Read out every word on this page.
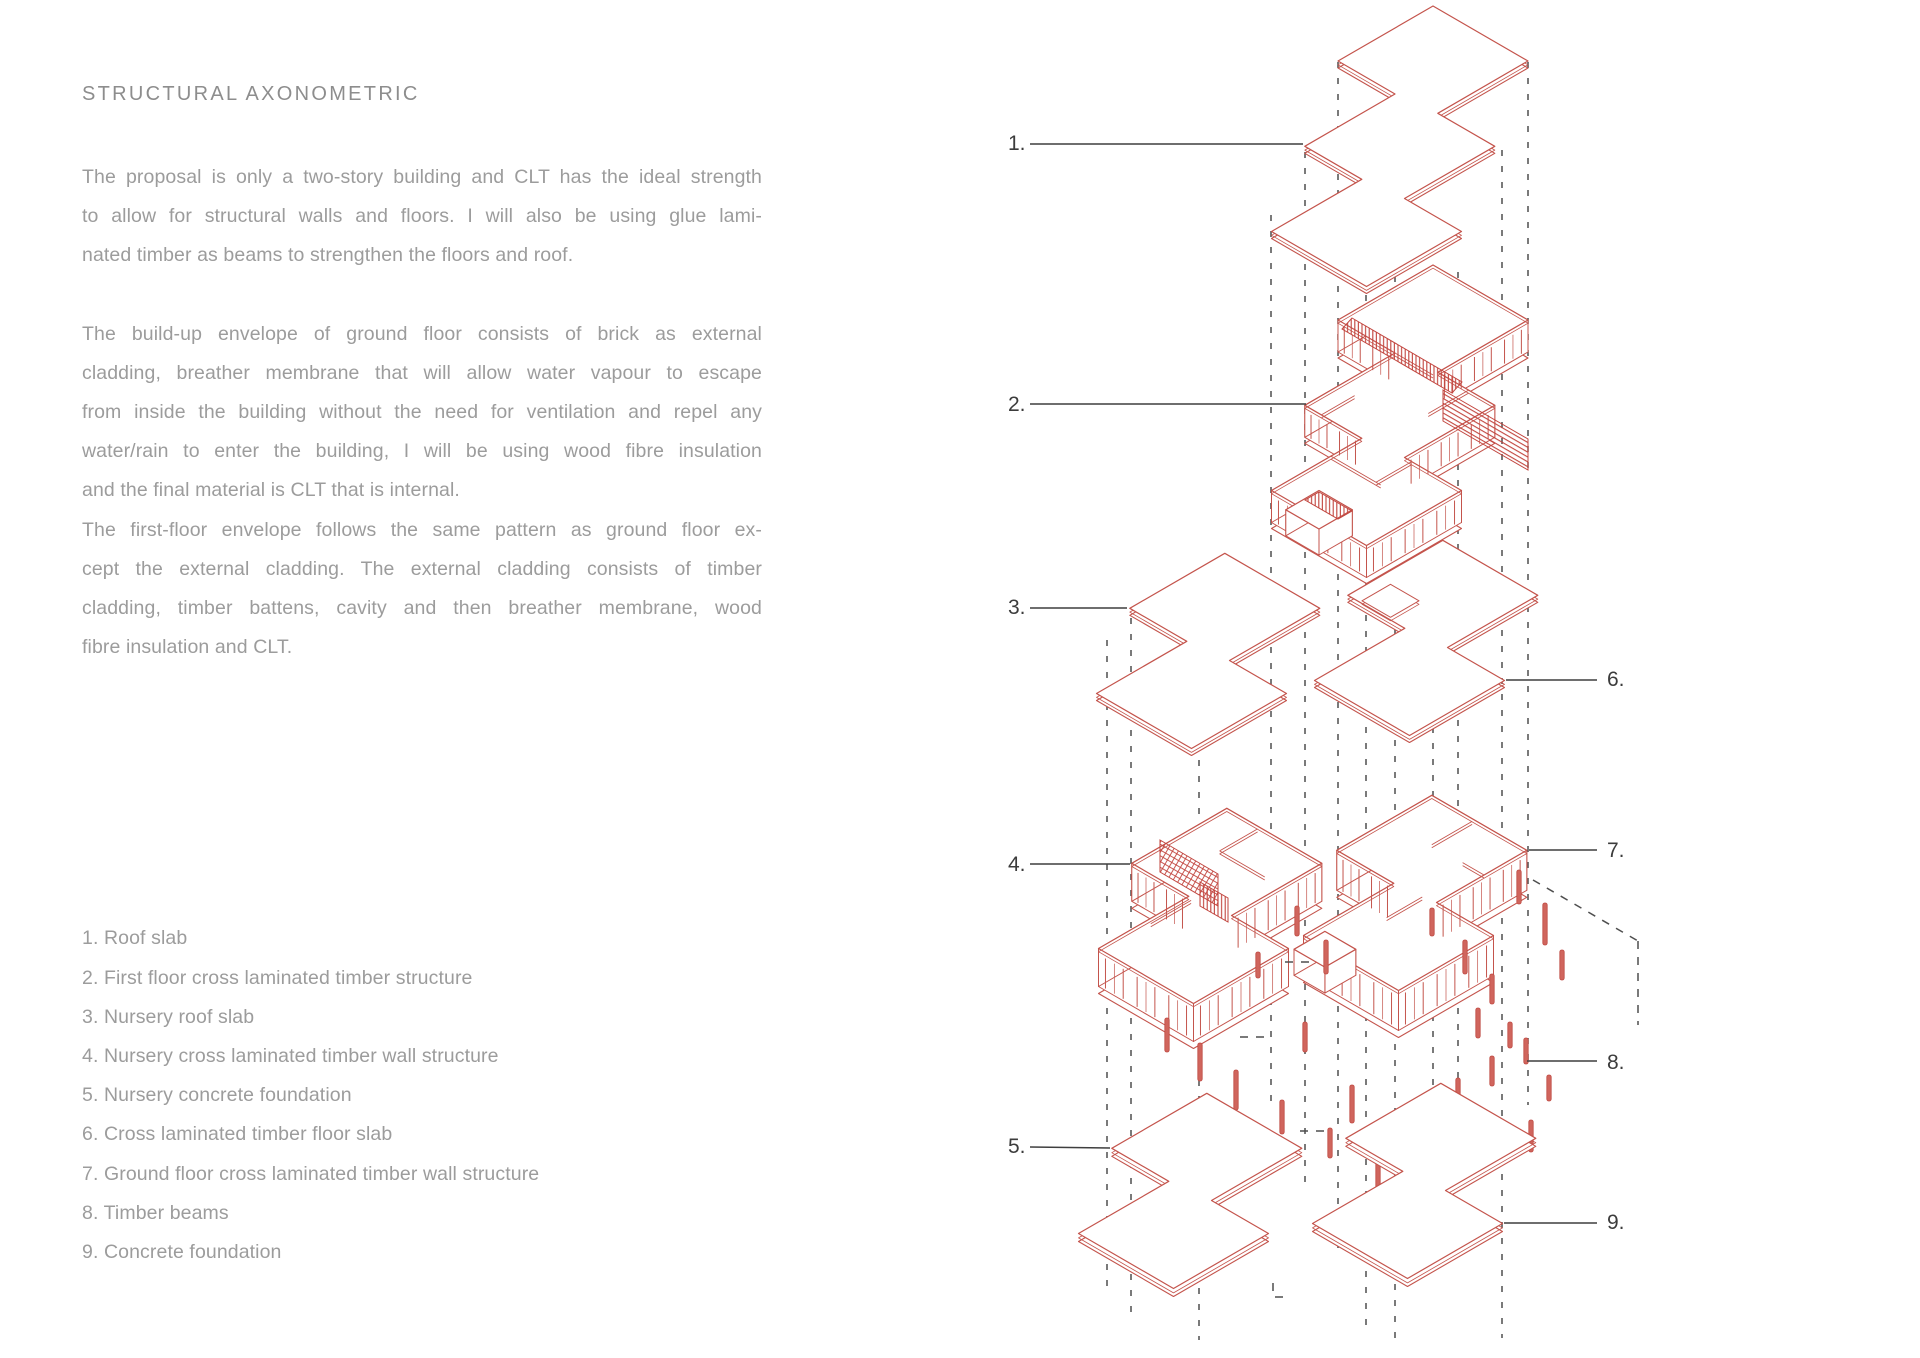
1.
2.
3.
4.
5.
6.
7.
8.
9.
STRUCTURAL AXONOMETRIC

The proposal is only a two-story building and CLT has the ideal strength
to allow for structural walls and floors. I will also be using glue lami-
nated timber as beams to strengthen the floors and roof.

The build-up envelope of ground floor consists of brick as external
cladding, breather membrane that will allow water vapour to escape
from inside the building without the need for ventilation and repel any
water/rain to enter the building, I will be using wood fibre insulation
and the final material is CLT that is internal.

The first-floor envelope follows the same pattern as ground floor ex-
cept the external cladding. The external cladding consists of timber
cladding, timber battens, cavity and then breather membrane, wood
fibre insulation and CLT.

1. Roof slab
2. First floor cross laminated timber structure
3. Nursery roof slab
4. Nursery cross laminated timber wall structure
5. Nursery concrete foundation
6. Cross laminated timber floor slab
7. Ground floor cross laminated timber wall structure
8. Timber beams
9. Concrete foundation
